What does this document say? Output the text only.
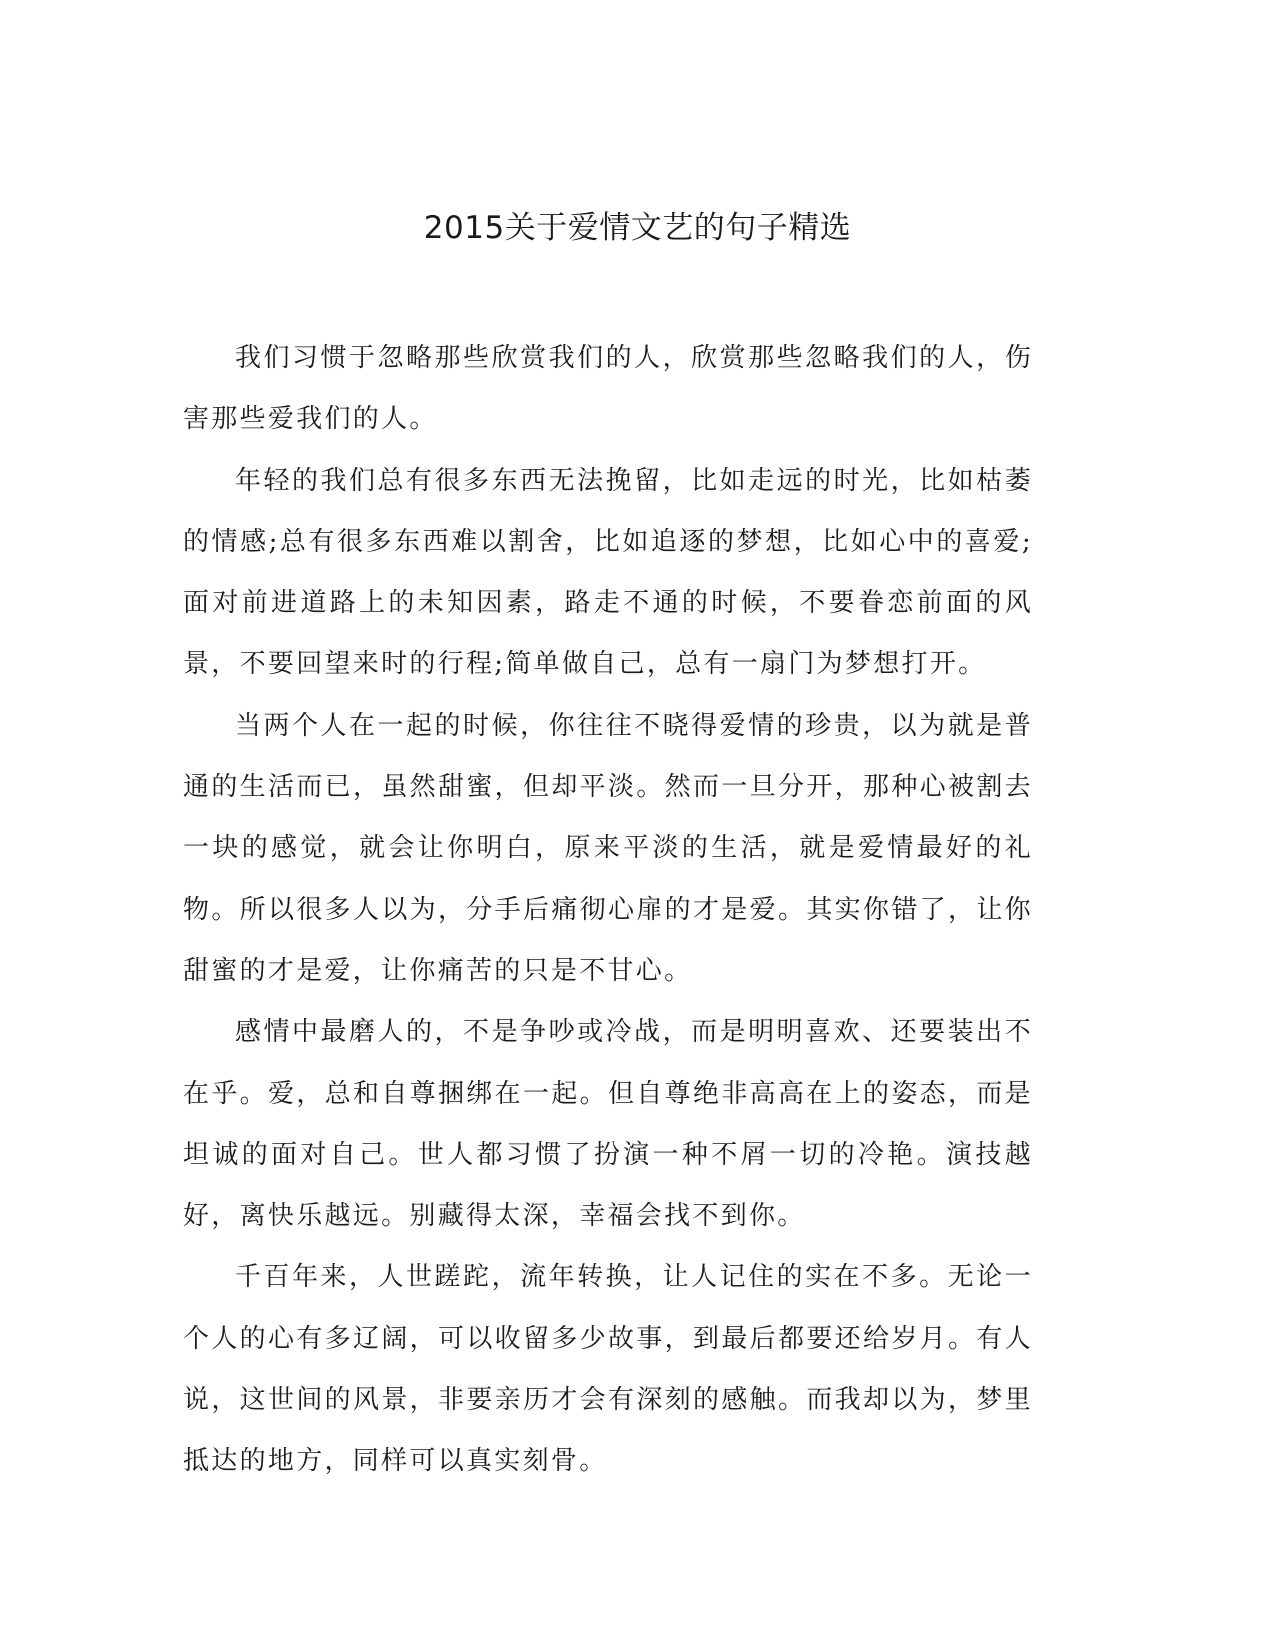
2015关于爱情文艺的句子精选

我们习惯于忽略那些欣赏我们的人，欣赏那些忽略我们的人，伤害那些爱我们的人。

年轻的我们总有很多东西无法挽留，比如走远的时光，比如枯萎的情感;总有很多东西难以割舍，比如追逐的梦想，比如心中的喜爱;面对前进道路上的未知因素，路走不通的时候，不要眷恋前面的风景，不要回望来时的行程;简单做自己，总有一扇门为梦想打开。

当两个人在一起的时候，你往往不晓得爱情的珍贵，以为就是普通的生活而已，虽然甜蜜，但却平淡。然而一旦分开，那种心被割去一块的感觉，就会让你明白，原来平淡的生活，就是爱情最好的礼物。所以很多人以为，分手后痛彻心扉的才是爱。其实你错了，让你甜蜜的才是爱，让你痛苦的只是不甘心。

感情中最磨人的，不是争吵或冷战，而是明明喜欢、还要装出不在乎。爱，总和自尊捆绑在一起。但自尊绝非高高在上的姿态，而是坦诚的面对自己。世人都习惯了扮演一种不屑一切的冷艳。演技越好，离快乐越远。别藏得太深，幸福会找不到你。

千百年来，人世蹉跎，流年转换，让人记住的实在不多。无论一个人的心有多辽阔，可以收留多少故事，到最后都要还给岁月。有人说，这世间的风景，非要亲历才会有深刻的感触。而我却以为，梦里抵达的地方，同样可以真实刻骨。
